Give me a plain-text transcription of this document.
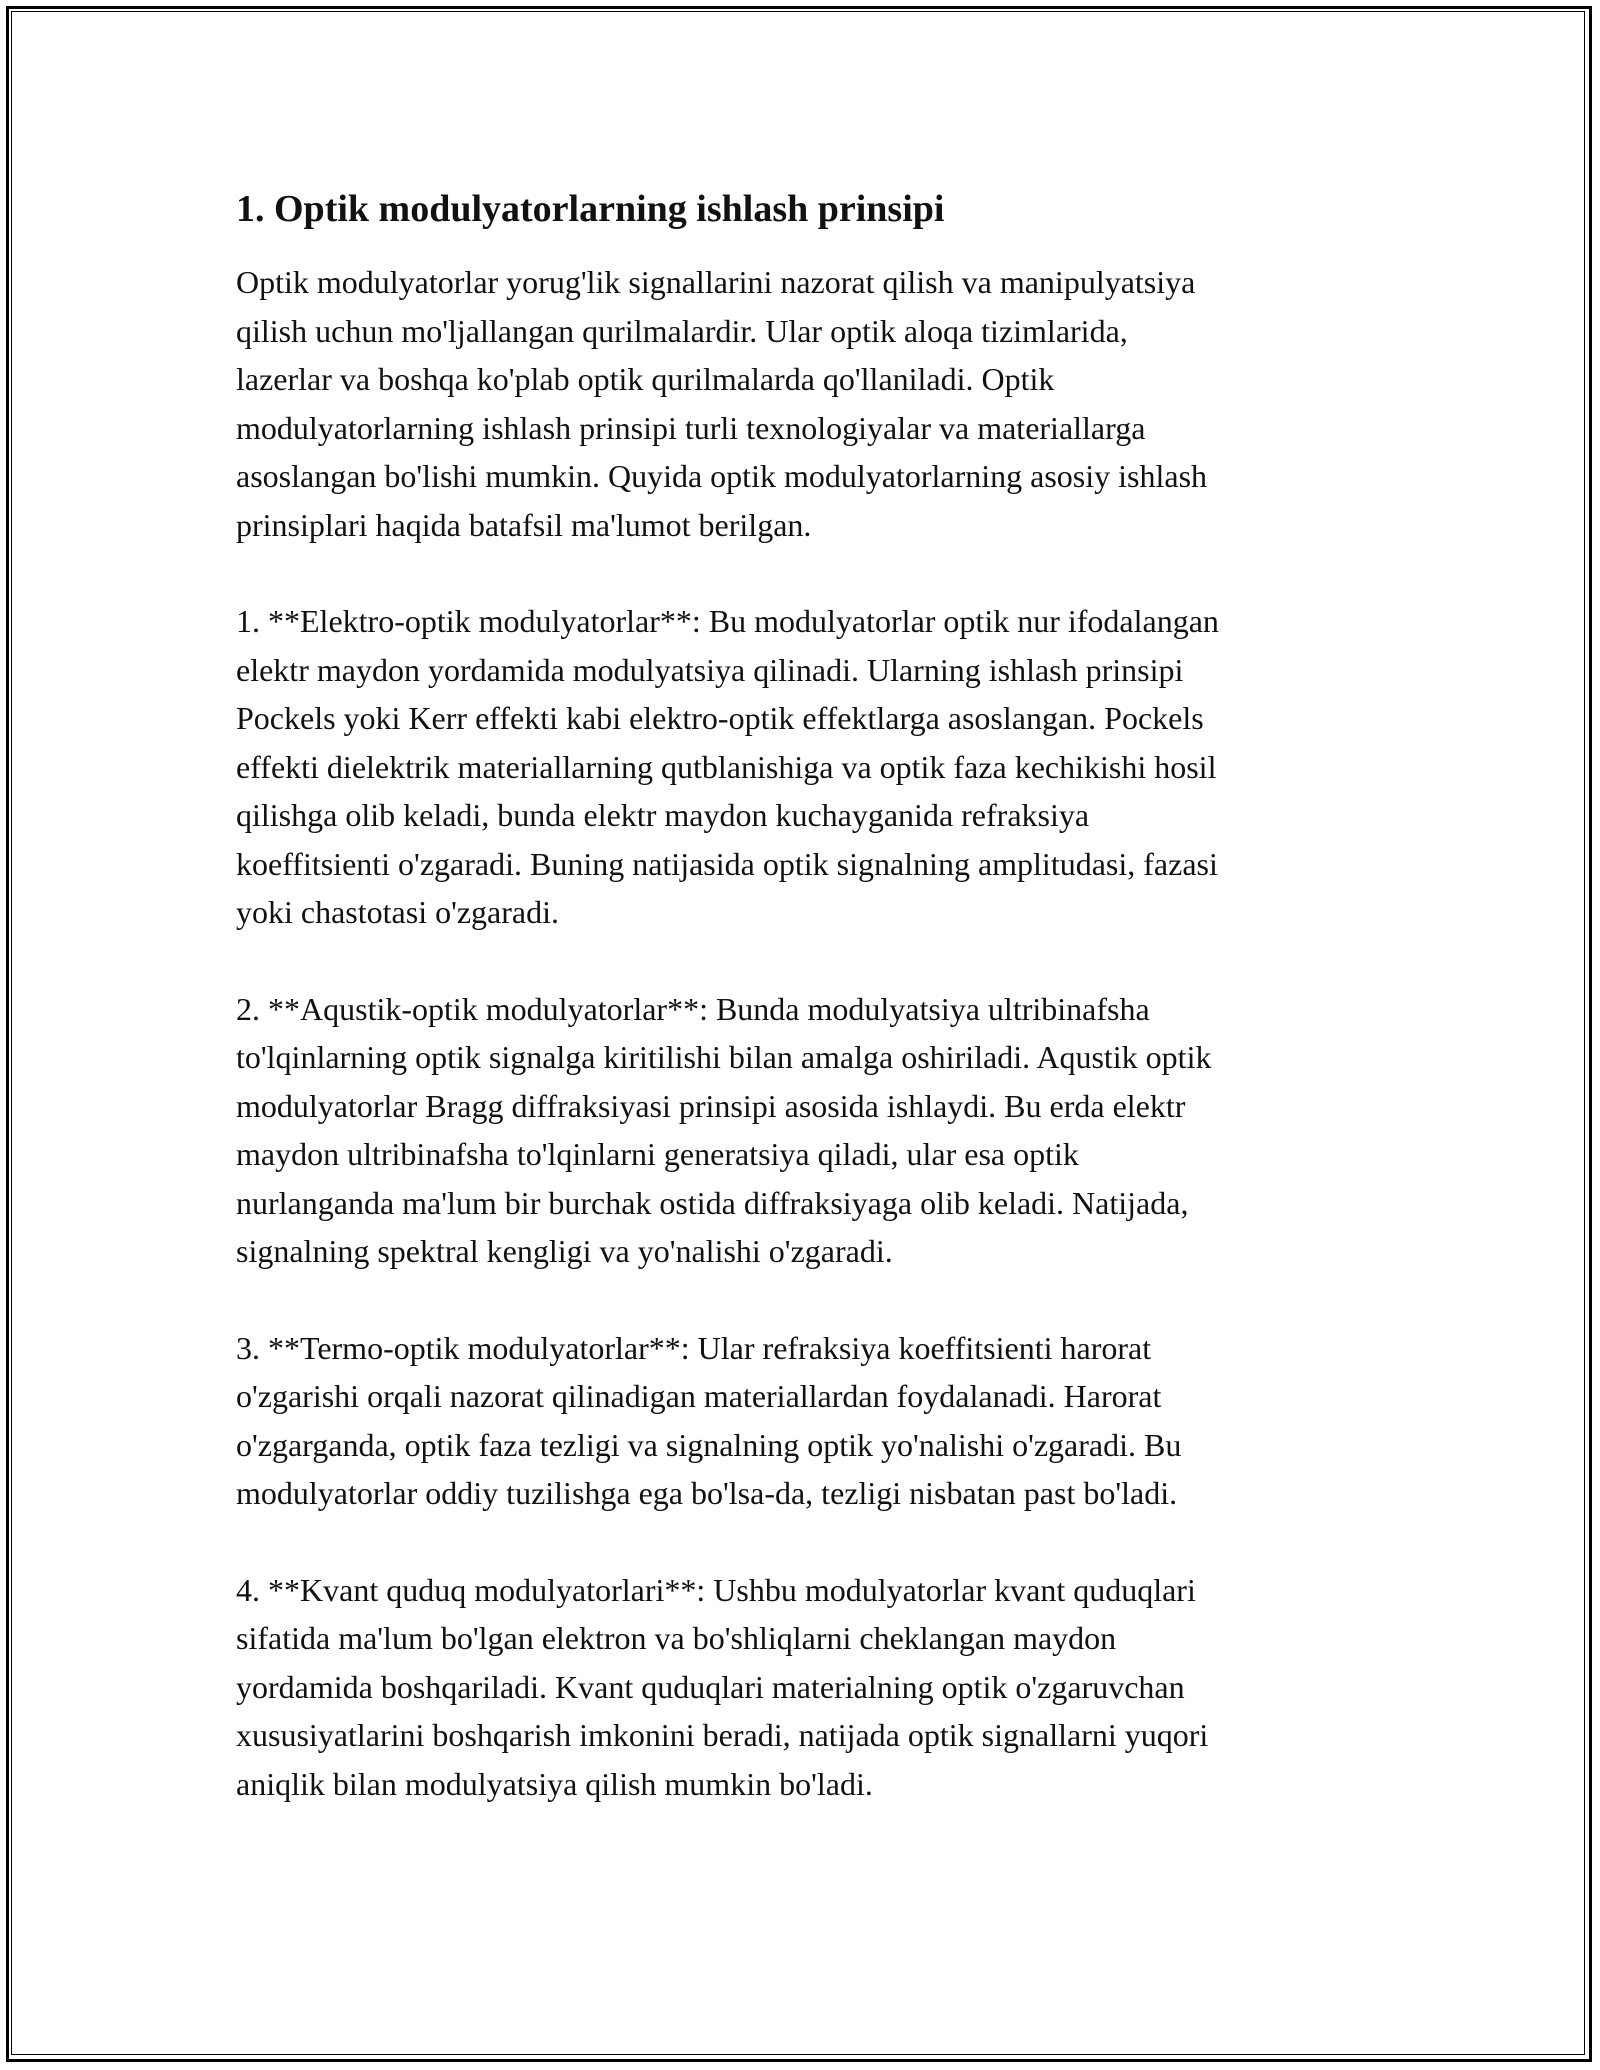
1. Optik modulyatorlarning ishlash prinsipi

Optik modulyatorlar yorug'lik signallarini nazorat qilish va manipulyatsiya
qilish uchun mo'ljallangan qurilmalardir. Ular optik aloqa tizimlarida,
lazerlar va boshqa ko'plab optik qurilmalarda qo'llaniladi. Optik
modulyatorlarning ishlash prinsipi turli texnologiyalar va materiallarga
asoslangan bo'lishi mumkin. Quyida optik modulyatorlarning asosiy ishlash
prinsiplari haqida batafsil ma'lumot berilgan.

1. **Elektro-optik modulyatorlar**: Bu modulyatorlar optik nur ifodalangan
elektr maydon yordamida modulyatsiya qilinadi. Ularning ishlash prinsipi
Pockels yoki Kerr effekti kabi elektro-optik effektlarga asoslangan. Pockels
effekti dielektrik materiallarning qutblanishiga va optik faza kechikishi hosil
qilishga olib keladi, bunda elektr maydon kuchayganida refraksiya
koeffitsienti o'zgaradi. Buning natijasida optik signalning amplitudasi, fazasi
yoki chastotasi o'zgaradi.

2. **Aqustik-optik modulyatorlar**: Bunda modulyatsiya ultribinafsha
to'lqinlarning optik signalga kiritilishi bilan amalga oshiriladi. Aqustik optik
modulyatorlar Bragg diffraksiyasi prinsipi asosida ishlaydi. Bu erda elektr
maydon ultribinafsha to'lqinlarni generatsiya qiladi, ular esa optik
nurlanganda ma'lum bir burchak ostida diffraksiyaga olib keladi. Natijada,
signalning spektral kengligi va yo'nalishi o'zgaradi.

3. **Termo-optik modulyatorlar**: Ular refraksiya koeffitsienti harorat
o'zgarishi orqali nazorat qilinadigan materiallardan foydalanadi. Harorat
o'zgarganda, optik faza tezligi va signalning optik yo'nalishi o'zgaradi. Bu
modulyatorlar oddiy tuzilishga ega bo'lsa-da, tezligi nisbatan past bo'ladi.

4. **Kvant quduq modulyatorlari**: Ushbu modulyatorlar kvant quduqlari
sifatida ma'lum bo'lgan elektron va bo'shliqlarni cheklangan maydon
yordamida boshqariladi. Kvant quduqlari materialning optik o'zgaruvchan
xususiyatlarini boshqarish imkonini beradi, natijada optik signallarni yuqori
aniqlik bilan modulyatsiya qilish mumkin bo'ladi.
